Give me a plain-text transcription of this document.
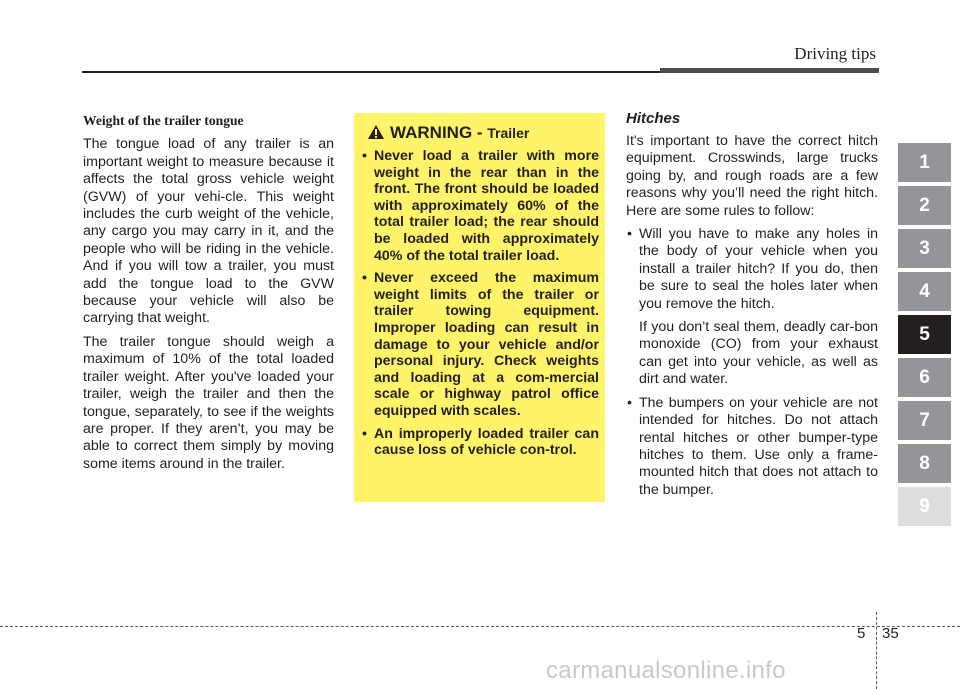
Driving tips

Weight of the trailer tongue

The tongue load of any trailer is an important weight to measure because it affects the total gross vehicle weight (GVW) of your vehi-cle. This weight includes the curb weight of the vehicle, any cargo you may carry in it, and the people who will be riding in the vehicle. And if you will tow a trailer, you must add the tongue load to the GVW because your vehicle will also be carrying that weight.

The trailer tongue should weigh a maximum of 10% of the total loaded trailer weight. After you've loaded your trailer, weigh the trailer and then the tongue, separately, to see if the weights are proper. If they aren’t, you may be able to correct them simply by moving some items around in the trailer.

WARNING - Trailer
• Never load a trailer with more weight in the rear than in the front. The front should be loaded with approximately 60% of the total trailer load; the rear should be loaded with approximately 40% of the total trailer load.
• Never exceed the maximum weight limits of the trailer or trailer towing equipment. Improper loading can result in damage to your vehicle and/or personal injury. Check weights and loading at a com-mercial scale or highway patrol office equipped with scales.
• An improperly loaded trailer can cause loss of vehicle con-trol.
Hitches

It's important to have the correct hitch equipment. Crosswinds, large trucks going by, and rough roads are a few reasons why you’ll need the right hitch. Here are some rules to follow:

• Will you have to make any holes in the body of your vehicle when you install a trailer hitch? If you do, then be sure to seal the holes later when you remove the hitch.
If you don’t seal them, deadly car-bon monoxide (CO) from your exhaust can get into your vehicle, as well as dirt and water.
• The bumpers on your vehicle are not intended for hitches. Do not attach rental hitches or other bumper-type hitches to them. Use only a frame-mounted hitch that does not attach to the bumper.
1
2
3
4
5
6
7
8
9
5 35
carmanualsonline.info
